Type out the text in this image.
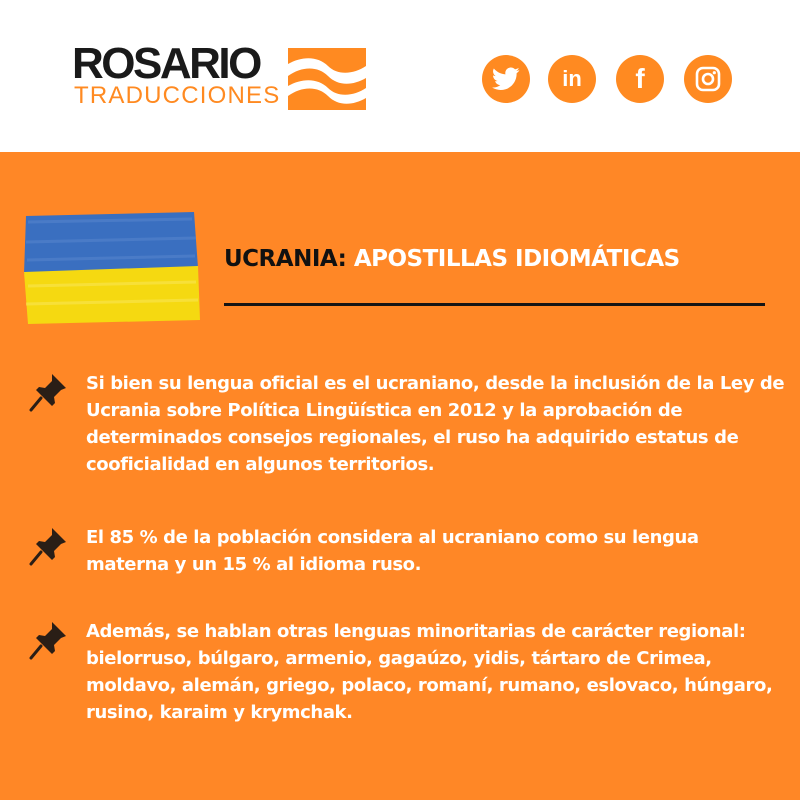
ROSARIO
TRADUCCIONES
in f
UCRANIA: APOSTILLAS IDIOMÁTICAS
Si bien su lengua oficial es el ucraniano, desde la inclusión de la Ley de Ucrania sobre Política Lingüística en 2012 y la aprobación de determinados consejos regionales, el ruso ha adquirido estatus de cooficialidad en algunos territorios.
El 85 % de la población considera al ucraniano como su lengua materna y un 15 % al idioma ruso.
Además, se hablan otras lenguas minoritarias de carácter regional: bielorruso, búlgaro, armenio, gagaúzo, yidis, tártaro de Crimea, moldavo, alemán, griego, polaco, romaní, rumano, eslovaco, húngaro, rusino, karaim y krymchak.
